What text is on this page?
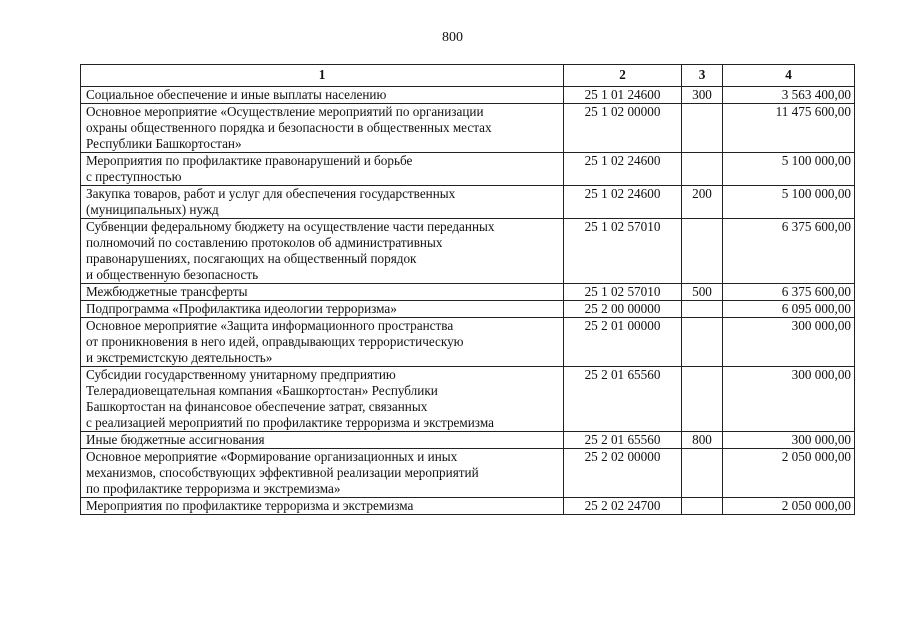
800
1	2	3	4

Социальное обеспечение и иные выплаты населению	25 1 01 24600	300	3 563 400,00

Основное мероприятие «Осуществление мероприятий по организации
охраны общественного порядка и безопасности в общественных местах
Республики Башкортостан»	25 1 02 00000		11 475 600,00

Мероприятия по профилактике правонарушений и борьбе
с преступностью	25 1 02 24600		5 100 000,00

Закупка товаров, работ и услуг для обеспечения государственных
(муниципальных) нужд	25 1 02 24600	200	5 100 000,00

Субвенции федеральному бюджету на осуществление части переданных
полномочий по составлению протоколов об административных
правонарушениях, посягающих на общественный порядок
и общественную безопасность	25 1 02 57010		6 375 600,00

Межбюджетные трансферты	25 1 02 57010	500	6 375 600,00

Подпрограмма «Профилактика идеологии терроризма»	25 2 00 00000		6 095 000,00

Основное мероприятие «Защита информационного пространства
от проникновения в него идей, оправдывающих террористическую
и экстремистскую деятельность»	25 2 01 00000		300 000,00

Субсидии государственному унитарному предприятию
Телерадиовещательная компания «Башкортостан» Республики
Башкортостан на финансовое обеспечение затрат, связанных
с реализацией мероприятий по профилактике терроризма и экстремизма	25 2 01 65560		300 000,00

Иные бюджетные ассигнования	25 2 01 65560	800	300 000,00

Основное мероприятие «Формирование организационных и иных
механизмов, способствующих эффективной реализации мероприятий
по профилактике терроризма и экстремизма»	25 2 02 00000		2 050 000,00

Мероприятия по профилактике терроризма и экстремизма	25 2 02 24700		2 050 000,00
